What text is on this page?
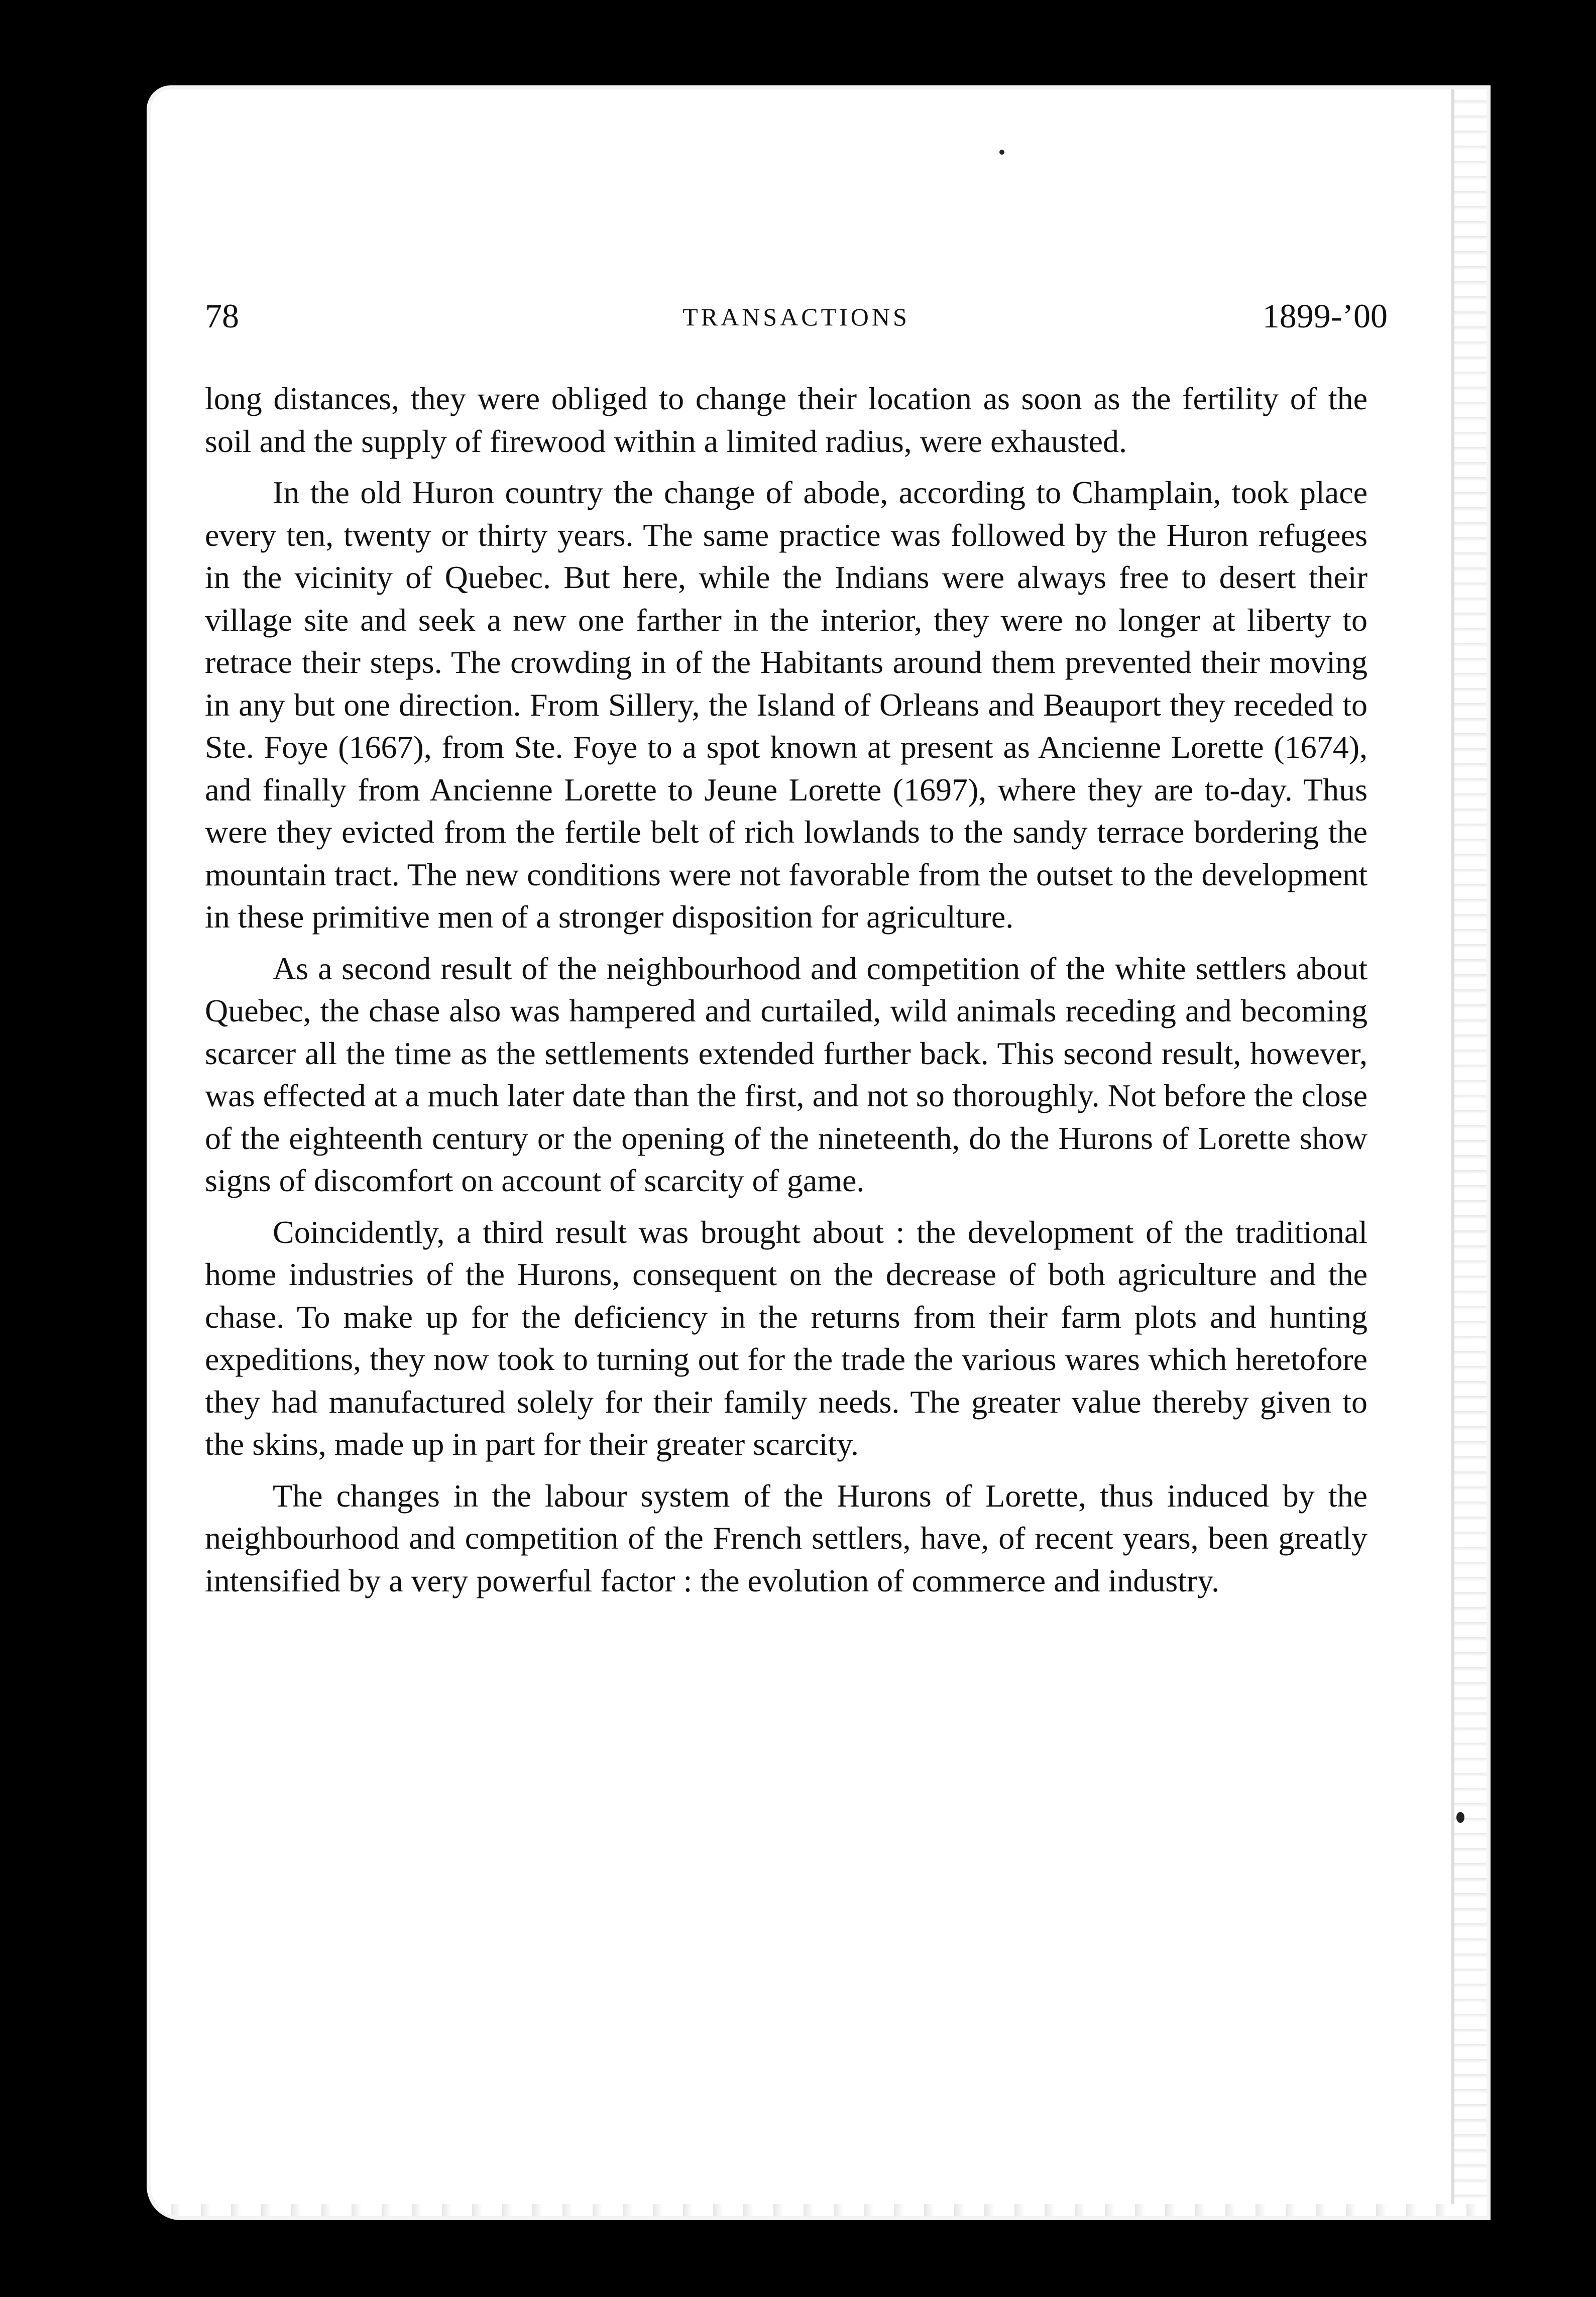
78	TRANSACTIONS	1899-’00

long distances, they were obliged to change their location as soon as the fertility of the soil and the supply of firewood within a limited radius, were exhausted.

In the old Huron country the change of abode, according to Champlain, took place every ten, twenty or thirty years. The same practice was followed by the Huron refugees in the vicinity of Quebec. But here, while the Indians were always free to desert their village site and seek a new one farther in the interior, they were no longer at liberty to retrace their steps. The crowding in of the Habitants around them prevented their moving in any but one direction. From Sillery, the Island of Orleans and Beauport they receded to Ste. Foye (1667), from Ste. Foye to a spot known at present as Ancienne Lorette (1674), and finally from Ancienne Lorette to Jeune Lorette (1697), where they are to-day. Thus were they evicted from the fertile belt of rich lowlands to the sandy terrace bordering the mountain tract. The new conditions were not favorable from the outset to the development in these primitive men of a stronger disposition for agriculture.

As a second result of the neighbourhood and competition of the white settlers about Quebec, the chase also was hampered and curtailed, wild animals receding and becoming scarcer all the time as the settlements extended further back. This second result, however, was effected at a much later date than the first, and not so thoroughly. Not before the close of the eighteenth century or the opening of the nineteenth, do the Hurons of Lorette show signs of discomfort on account of scarcity of game.

Coincidently, a third result was brought about : the development of the traditional home industries of the Hurons, consequent on the decrease of both agriculture and the chase. To make up for the deficiency in the returns from their farm plots and hunting expeditions, they now took to turning out for the trade the various wares which heretofore they had manufactured solely for their family needs. The greater value thereby given to the skins, made up in part for their greater scarcity.

The changes in the labour system of the Hurons of Lorette, thus induced by the neighbourhood and competition of the French settlers, have, of recent years, been greatly intensified by a very powerful factor : the evolution of commerce and industry.
